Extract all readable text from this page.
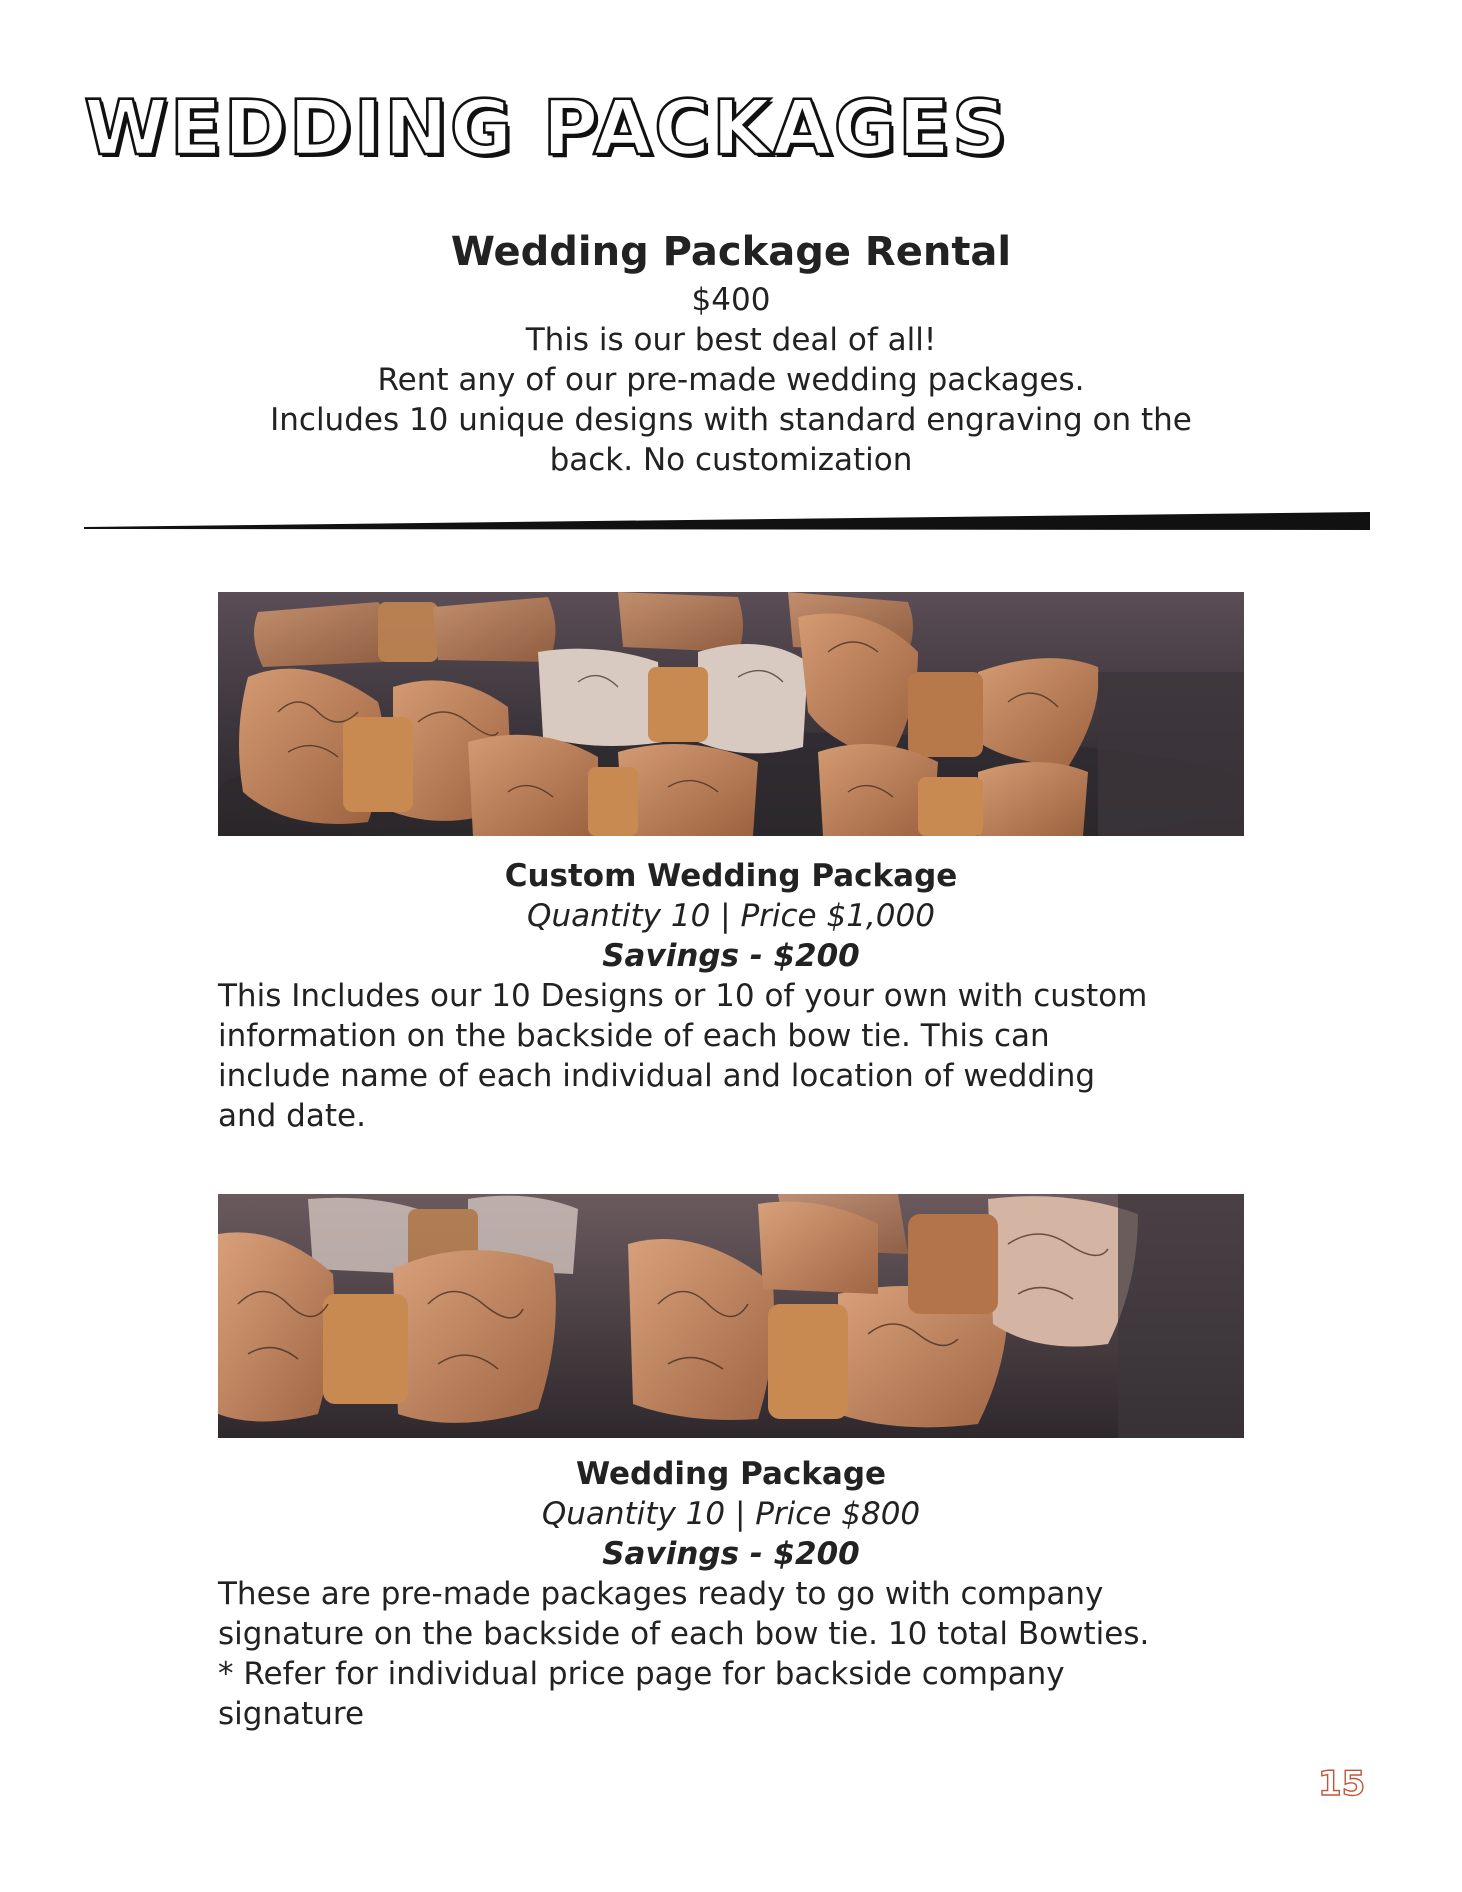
WEDDING PACKAGES
Wedding Package Rental
$400
This is our best deal of all!
Rent any of our pre-made wedding packages.
Includes 10 unique designs with standard engraving on the
back. No customization
Custom Wedding Package
Quantity 10 | Price $1,000
Savings - $200
This Includes our 10 Designs or 10 of your own with custom
information on the backside of each bow tie. This can
include name of each individual and location of wedding
and date.
Wedding Package
Quantity 10 | Price $800
Savings - $200
These are pre-made packages ready to go with company
signature on the backside of each bow tie. 10 total Bowties.
* Refer for individual price page for backside company
signature
15
